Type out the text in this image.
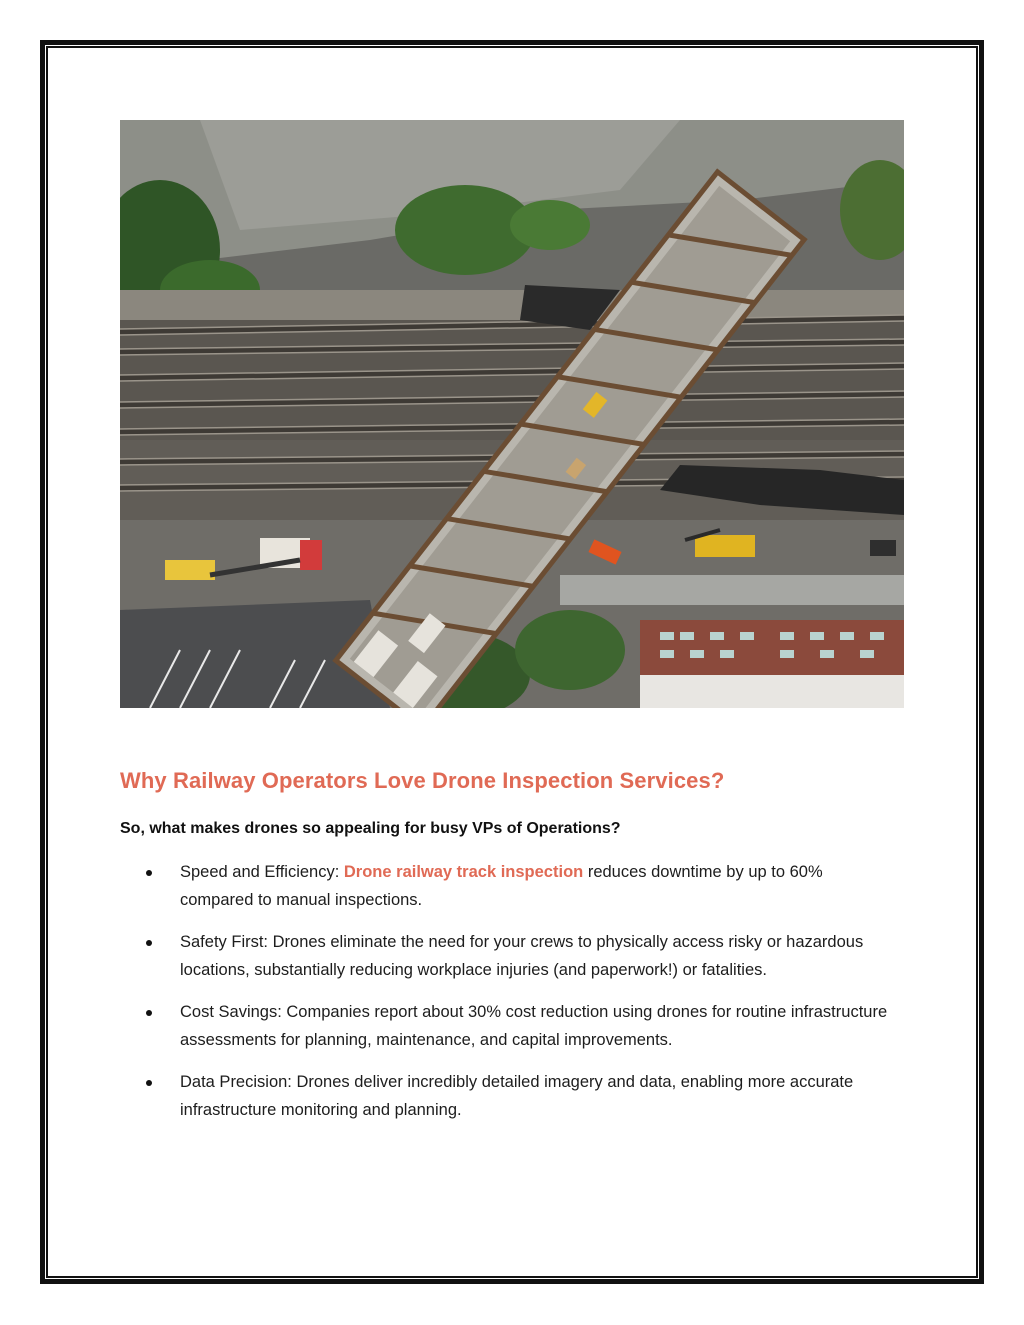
Why Railway Operators Love Drone Inspection Services?
So, what makes drones so appealing for busy VPs of Operations?
Speed and Efficiency: Drone railway track inspection reduces downtime by up to 60% compared to manual inspections.
Safety First: Drones eliminate the need for your crews to physically access risky or hazardous locations, substantially reducing workplace injuries (and paperwork!) or fatalities.
Cost Savings: Companies report about 30% cost reduction using drones for routine infrastructure assessments for planning, maintenance, and capital improvements.
Data Precision: Drones deliver incredibly detailed imagery and data, enabling more accurate infrastructure monitoring and planning.
